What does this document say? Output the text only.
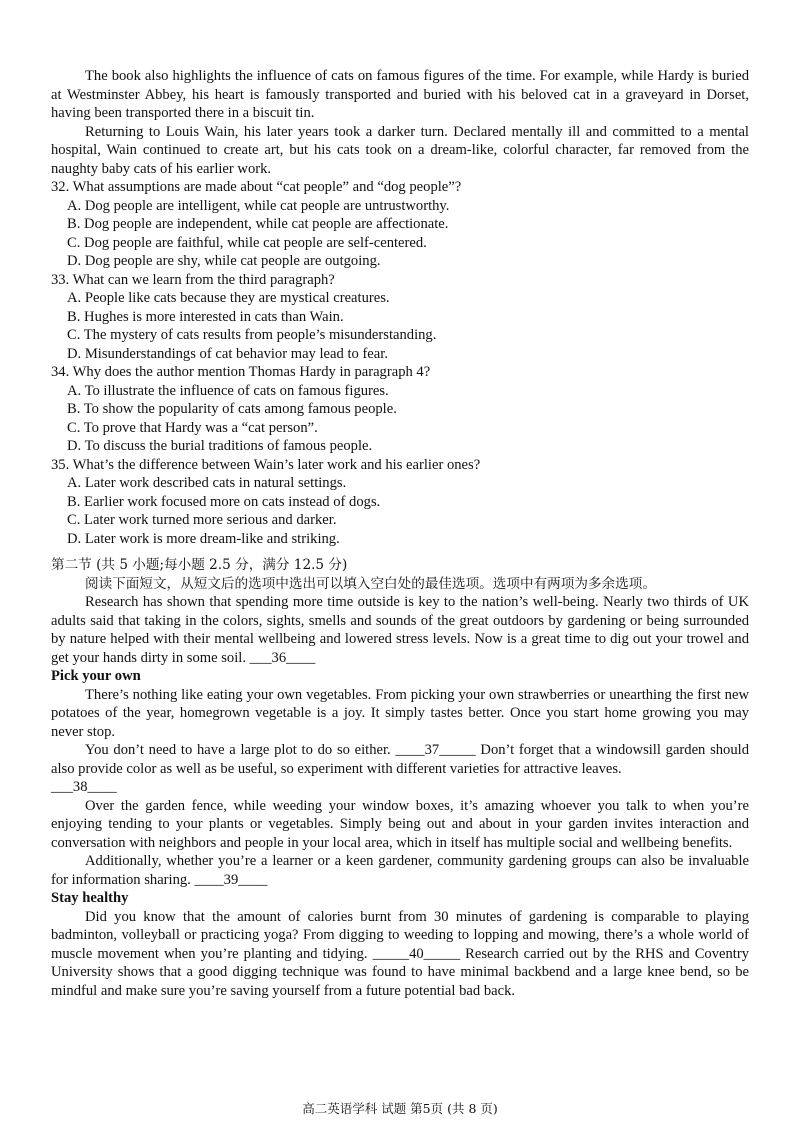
The book also highlights the influence of cats on famous figures of the time. For example, while Hardy is buried at Westminster Abbey, his heart is famously transported and buried with his beloved cat in a graveyard in Dorset, having been transported there in a biscuit tin.

Returning to Louis Wain, his later years took a darker turn. Declared mentally ill and committed to a mental hospital, Wain continued to create art, but his cats took on a dream-like, colorful character, far removed from the naughty baby cats of his earlier work.

32. What assumptions are made about “cat people” and “dog people”?

A. Dog people are intelligent, while cat people are untrustworthy.

B. Dog people are independent, while cat people are affectionate.

C. Dog people are faithful, while cat people are self-centered.

D. Dog people are shy, while cat people are outgoing.

33. What can we learn from the third paragraph?

A. People like cats because they are mystical creatures.

B. Hughes is more interested in cats than Wain.

C. The mystery of cats results from people’s misunderstanding.

D. Misunderstandings of cat behavior may lead to fear.

34. Why does the author mention Thomas Hardy in paragraph 4?

A. To illustrate the influence of cats on famous figures.

B. To show the popularity of cats among famous people.

C. To prove that Hardy was a “cat person”.

D. To discuss the burial traditions of famous people.

35. What’s the difference between Wain’s later work and his earlier ones?

A. Later work described cats in natural settings.

B. Earlier work focused more on cats instead of dogs.

C. Later work turned more serious and darker.

D. Later work is more dream-like and striking.

第二节 (共 5 小题;每小题 2.5 分，满分 12.5 分)

阅读下面短文，从短文后的选项中选出可以填入空白处的最佳选项。选项中有两项为多余选项。

Research has shown that spending more time outside is key to the nation’s well-being. Nearly two thirds of UK adults said that taking in the colors, sights, smells and sounds of the great outdoors by gardening or being surrounded by nature helped with their mental wellbeing and lowered stress levels. Now is a great time to dig out your trowel and get your hands dirty in some soil. ___36____

Pick your own

There’s nothing like eating your own vegetables. From picking your own strawberries or unearthing the first new potatoes of the year, homegrown vegetable is a joy. It simply tastes better. Once you start home growing you may never stop.

You don’t need to have a large plot to do so either. ____37_____ Don’t forget that a windowsill garden should also provide color as well as be useful, so experiment with different varieties for attractive leaves.

___38____

Over the garden fence, while weeding your window boxes, it’s amazing whoever you talk to when you’re enjoying tending to your plants or vegetables. Simply being out and about in your garden invites interaction and conversation with neighbors and people in your local area, which in itself has multiple social and wellbeing benefits.

Additionally, whether you’re a learner or a keen gardener, community gardening groups can also be invaluable for information sharing. ____39____

Stay healthy

Did you know that the amount of calories burnt from 30 minutes of gardening is comparable to playing badminton, volleyball or practicing yoga? From digging to weeding to lopping and mowing, there’s a whole world of muscle movement when you’re planting and tidying. _____40_____ Research carried out by the RHS and Coventry University shows that a good digging technique was found to have minimal backbend and a large knee bend, so be mindful and make sure you’re saving yourself from a future potential bad back.

高二英语学科 试题 第5页 (共 8 页)
